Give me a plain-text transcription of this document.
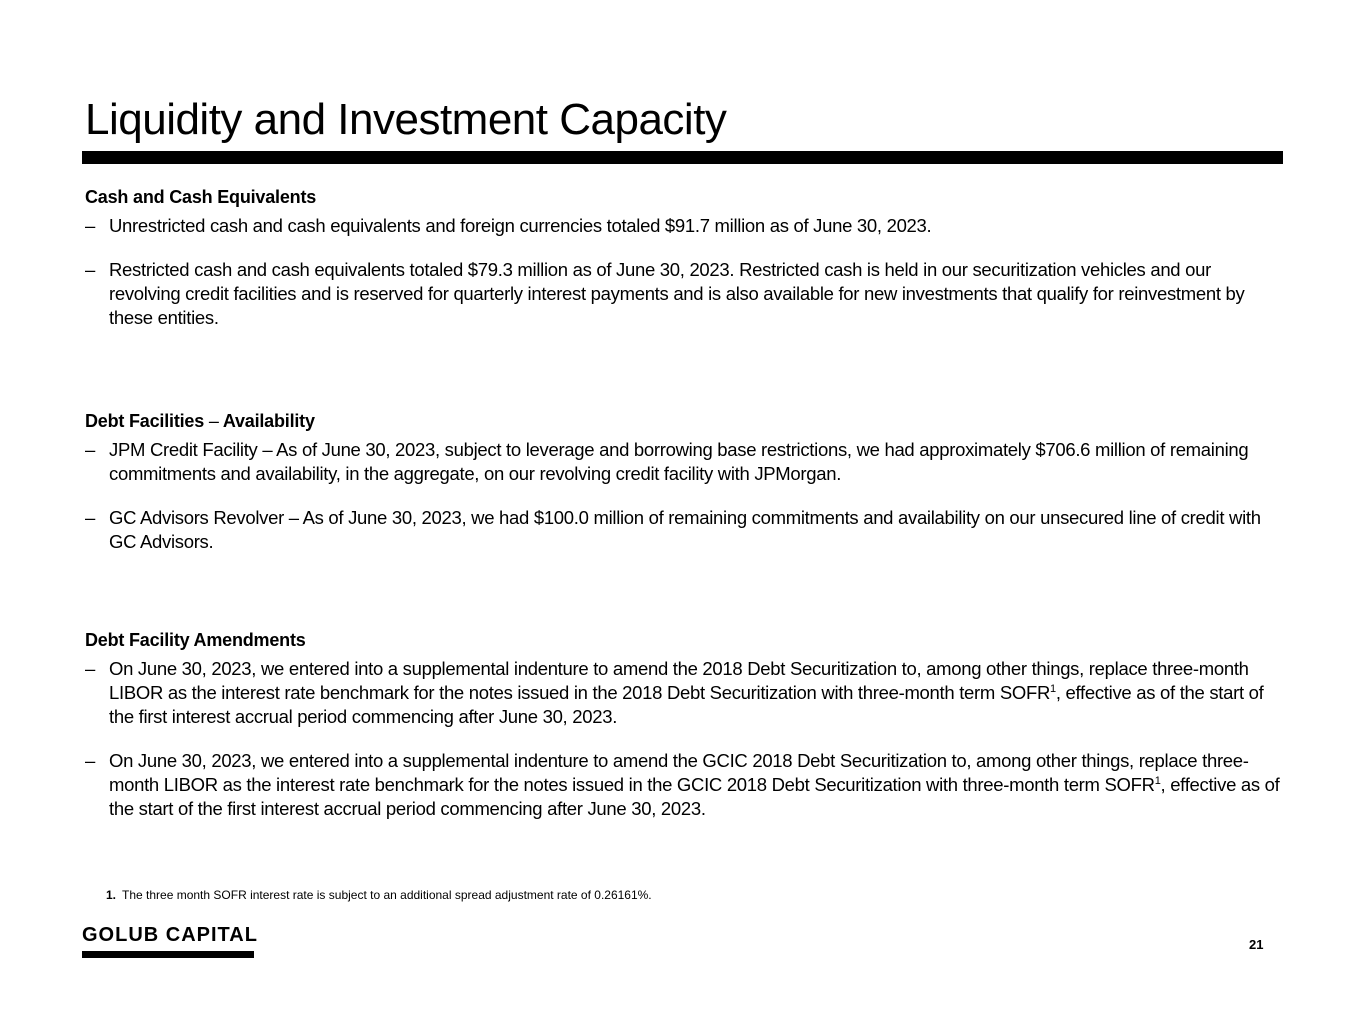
Liquidity and Investment Capacity
Cash and Cash Equivalents
– Unrestricted cash and cash equivalents and foreign currencies totaled $91.7 million as of June 30, 2023.
– Restricted cash and cash equivalents totaled $79.3 million as of June 30, 2023. Restricted cash is held in our securitization vehicles and our revolving credit facilities and is reserved for quarterly interest payments and is also available for new investments that qualify for reinvestment by these entities.
Debt Facilities – Availability
– JPM Credit Facility – As of June 30, 2023, subject to leverage and borrowing base restrictions, we had approximately $706.6 million of remaining commitments and availability, in the aggregate, on our revolving credit facility with JPMorgan.
– GC Advisors Revolver – As of June 30, 2023, we had $100.0 million of remaining commitments and availability on our unsecured line of credit with GC Advisors.
Debt Facility Amendments
– On June 30, 2023, we entered into a supplemental indenture to amend the 2018 Debt Securitization to, among other things, replace three-month LIBOR as the interest rate benchmark for the notes issued in the 2018 Debt Securitization with three-month term SOFR$^1$, effective as of the start of the first interest accrual period commencing after June 30, 2023.
– On June 30, 2023, we entered into a supplemental indenture to amend the GCIC 2018 Debt Securitization to, among other things, replace three-month LIBOR as the interest rate benchmark for the notes issued in the GCIC 2018 Debt Securitization with three-month term SOFR$^1$, effective as of the start of the first interest accrual period commencing after June 30, 2023.
1. The three month SOFR interest rate is subject to an additional spread adjustment rate of 0.26161%.
GOLUB CAPITAL	21
